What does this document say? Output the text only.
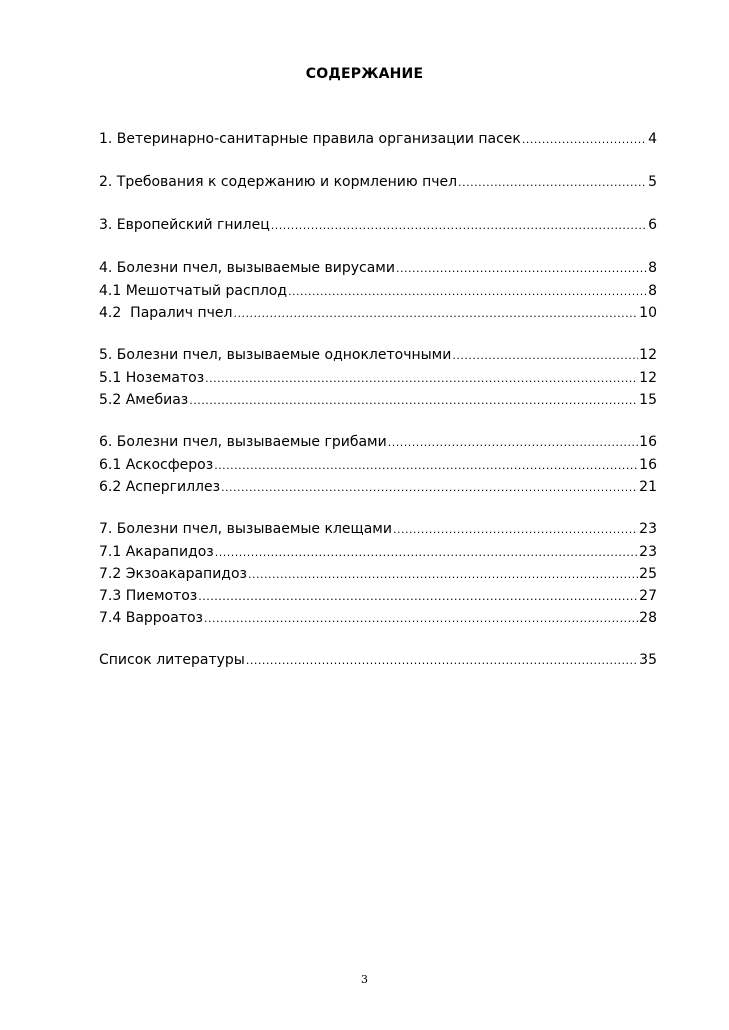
СОДЕРЖАНИЕ
1. Ветеринарно-санитарные правила организации пасек .....	4
2. Требования к содержанию и кормлению пчел .....	5
3. Европейский гнилец .....	6
4. Болезни пчел, вызываемые вирусами .....	8
4.1 Мешотчатый расплод .....	8
4.2  Паралич пчел .....	10
5. Болезни пчел, вызываемые одноклеточными .....	12
5.1 Нозематоз .....	12
5.2 Амебиаз .....	15
6. Болезни пчел, вызываемые грибами .....	16
6.1 Аскосфероз .....	16
6.2 Аспергиллез .....	21
7. Болезни пчел, вызываемые клещами .....	23
7.1 Акарапидоз .....	23
7.2 Экзоакарапидоз .....	25
7.3 Пиемотоз .....	27
7.4 Варроатоз .....	28
Список литературы .....	35
3
